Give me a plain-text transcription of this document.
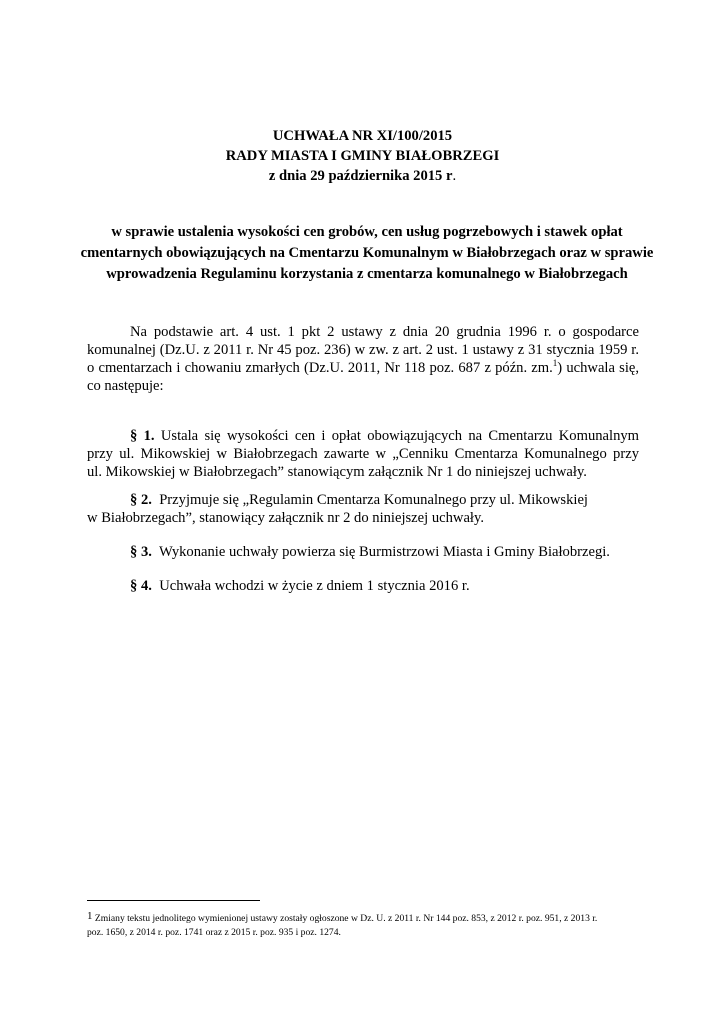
UCHWAŁA NR XI/100/2015
RADY MIASTA I GMINY BIAŁOBRZEGI
z dnia 29 października 2015 r.
w sprawie ustalenia wysokości cen grobów, cen usług pogrzebowych i stawek opłat
cmentarnych obowiązujących na Cmentarzu Komunalnym w Białobrzegach oraz w sprawie
wprowadzenia Regulaminu korzystania z cmentarza komunalnego w Białobrzegach
Na podstawie art. 4 ust. 1 pkt 2 ustawy z dnia 20 grudnia 1996 r. o gospodarce
komunalnej (Dz.U. z 2011 r. Nr 45 poz. 236) w zw. z art. 2 ust. 1 ustawy z 31 stycznia 1959 r.
o cmentarzach i chowaniu zmarłych (Dz.U. 2011, Nr 118 poz. 687 z późn. zm.$^1$) uchwala się,
co następuje:
§ 1. Ustala się wysokości cen i opłat obowiązujących na Cmentarzu Komunalnym
przy ul. Mikowskiej w Białobrzegach zawarte w „Cenniku Cmentarza Komunalnego przy
ul. Mikowskiej w Białobrzegach” stanowiącym załącznik Nr 1 do niniejszej uchwały.
§ 2. Przyjmuje się „Regulamin Cmentarza Komunalnego przy ul. Mikowskiej
w Białobrzegach”, stanowiący załącznik nr 2 do niniejszej uchwały.
§ 3. Wykonanie uchwały powierza się Burmistrzowi Miasta i Gminy Białobrzegi.
§ 4. Uchwała wchodzi w życie z dniem 1 stycznia 2016 r.
1 Zmiany tekstu jednolitego wymienionej ustawy zostały ogłoszone w Dz. U. z 2011 r. Nr 144 poz. 853, z 2012 r. poz. 951, z 2013 r.
poz. 1650, z 2014 r. poz. 1741 oraz z 2015 r. poz. 935 i poz. 1274.
